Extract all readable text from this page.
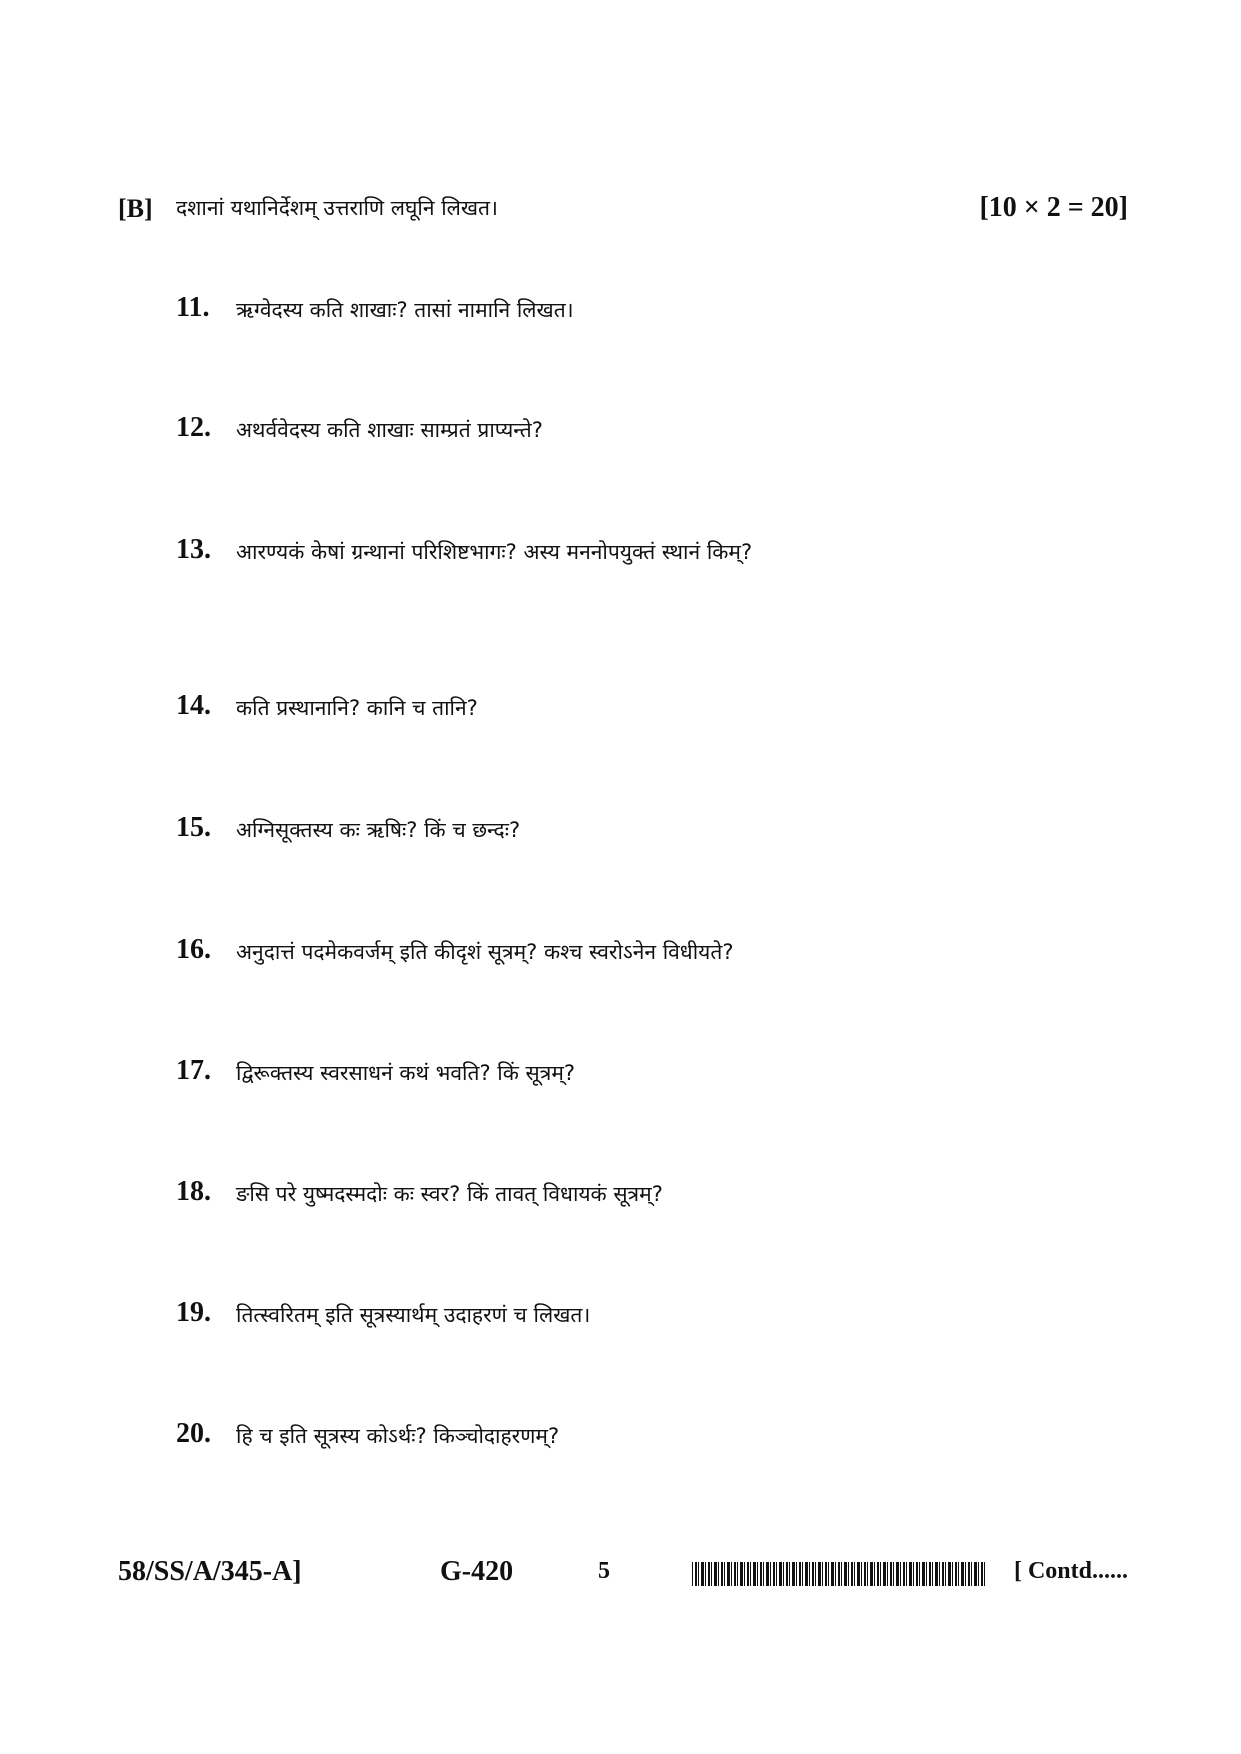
[B] दशानां यथानिर्देशम् उत्तराणि लघूनि लिखत।	[10 × 2 = 20]
11. ऋग्वेदस्य कति शाखाः? तासां नामानि लिखत।
12. अथर्ववेदस्य कति शाखाः साम्प्रतं प्राप्यन्ते?
13. आरण्यकं केषां ग्रन्थानां परिशिष्टभागः? अस्य मननोपयुक्तं स्थानं किम्?
14. कति प्रस्थानानि? कानि च तानि?
15. अग्निसूक्तस्य कः ऋषिः? किं च छन्दः?
16. अनुदात्तं पदमेकवर्जम् इति कीदृशं सूत्रम्? कश्च स्वरोऽनेन विधीयते?
17. द्विरूक्तस्य स्वरसाधनं कथं भवति? किं सूत्रम्?
18. ङसि परे युष्मदस्मदोः कः स्वर? किं तावत् विधायकं सूत्रम्?
19. तित्स्वरितम् इति सूत्रस्यार्थम् उदाहरणं च लिखत।
20. हि च इति सूत्रस्य कोऽर्थः? किञ्चोदाहरणम्?
58/SS/A/345-A]	G-420	5	[ Contd......
